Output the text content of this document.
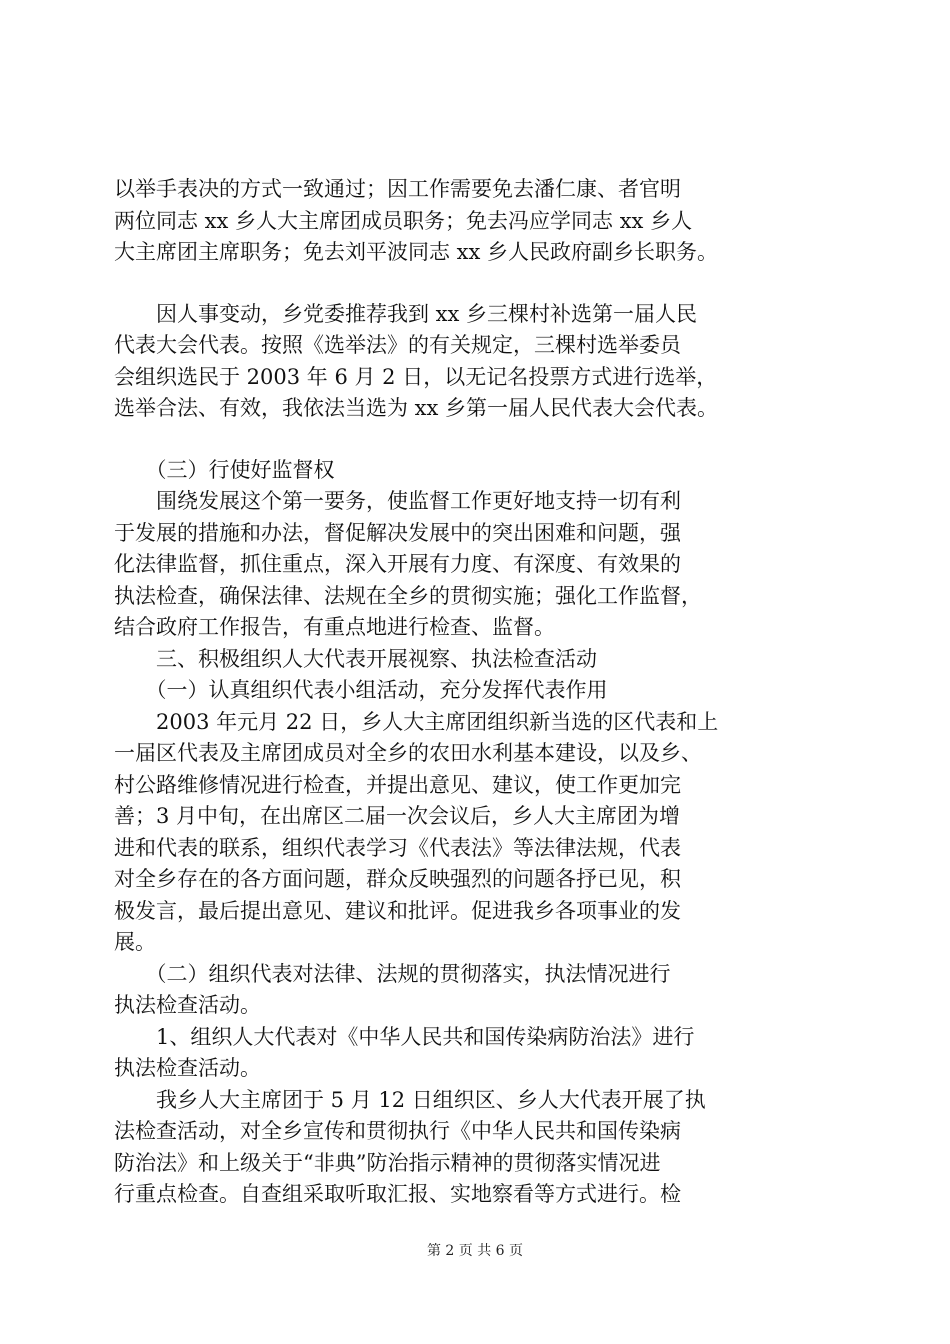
以举手表决的方式一致通过；因工作需要免去潘仁康、者官明
两位同志 xx 乡人大主席团成员职务；免去冯应学同志 xx 乡人
大主席团主席职务；免去刘平波同志 xx 乡人民政府副乡长职务。
　　因人事变动，乡党委推荐我到 xx 乡三棵村补选第一届人民
代表大会代表。按照《选举法》的有关规定，三棵村选举委员
会组织选民于 2003 年 6 月 2 日，以无记名投票方式进行选举，
选举合法、有效，我依法当选为 xx 乡第一届人民代表大会代表。
　　（三）行使好监督权
　　围绕发展这个第一要务，使监督工作更好地支持一切有利
于发展的措施和办法，督促解决发展中的突出困难和问题，强
化法律监督，抓住重点，深入开展有力度、有深度、有效果的
执法检查，确保法律、法规在全乡的贯彻实施；强化工作监督，
结合政府工作报告，有重点地进行检查、监督。
　　三、积极组织人大代表开展视察、执法检查活动
　　（一）认真组织代表小组活动，充分发挥代表作用
　　2003 年元月 22 日，乡人大主席团组织新当选的区代表和上
一届区代表及主席团成员对全乡的农田水利基本建设，以及乡、
村公路维修情况进行检查，并提出意见、建议，使工作更加完
善；3 月中旬，在出席区二届一次会议后，乡人大主席团为增
进和代表的联系，组织代表学习《代表法》等法律法规，代表
对全乡存在的各方面问题，群众反映强烈的问题各抒已见，积
极发言，最后提出意见、建议和批评。促进我乡各项事业的发
展。
　　（二）组织代表对法律、法规的贯彻落实，执法情况进行
执法检查活动。
　　1、组织人大代表对《中华人民共和国传染病防治法》进行
执法检查活动。
　　我乡人大主席团于 5 月 12 日组织区、乡人大代表开展了执
法检查活动，对全乡宣传和贯彻执行《中华人民共和国传染病
防治法》和上级关于“非典”防治指示精神的贯彻落实情况进
行重点检查。自查组采取听取汇报、实地察看等方式进行。检
第 2 页 共 6 页
